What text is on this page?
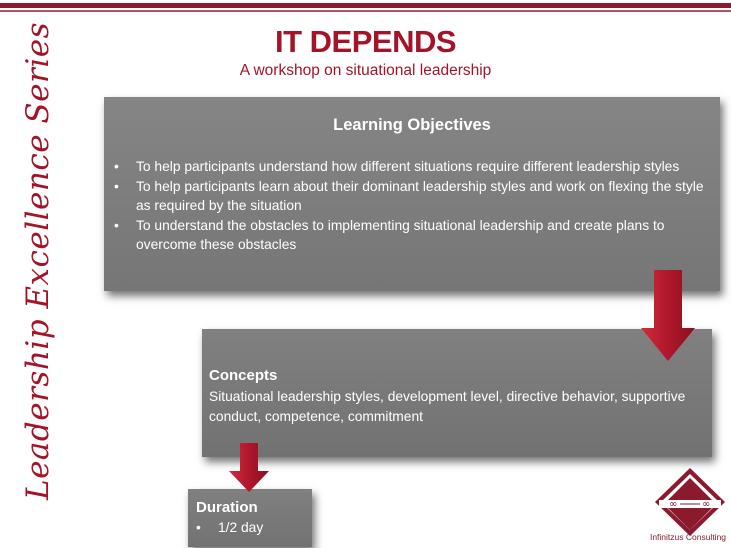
IT DEPENDS
A workshop on situational leadership
Leadership Excellence Series	Learning Objectives
• To help participants understand how different situations require different leadership styles
• To help participants learn about their dominant leadership styles and work on flexing the style as required by the situation
• To understand the obstacles to implementing situational leadership and create plans to overcome these obstacles
Concepts
Situational leadership styles, development level, directive behavior, supportive conduct, competence, commitment
Duration
• 1/2 day
∞ ∞
Infinitzus Consulting
